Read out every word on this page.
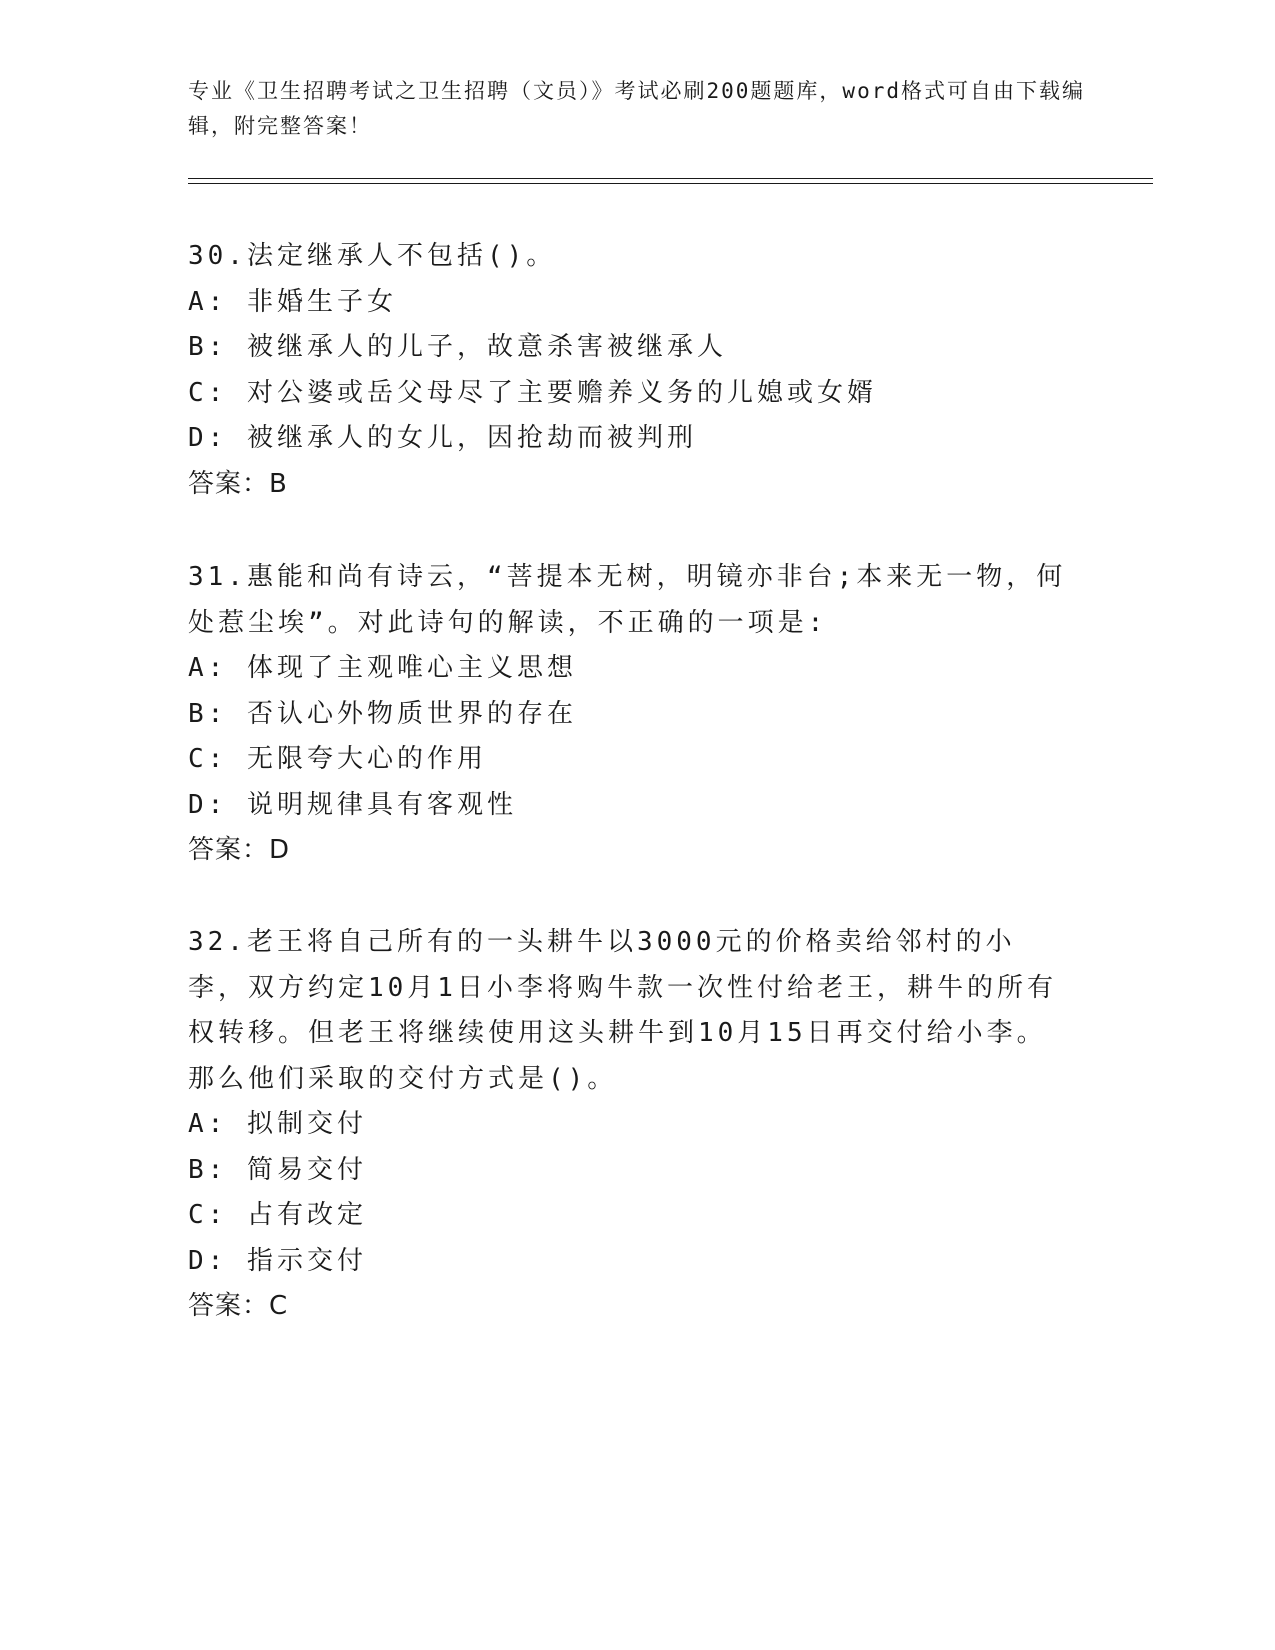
专业《卫生招聘考试之卫生招聘（文员）》考试必刷200题题库，word格式可自由下载编辑，附完整答案！
30.法定继承人不包括()。
A: 非婚生子女
B: 被继承人的儿子，故意杀害被继承人
C: 对公婆或岳父母尽了主要赡养义务的儿媳或女婿
D: 被继承人的女儿，因抢劫而被判刑
答案：B
31.惠能和尚有诗云，“菩提本无树，明镜亦非台;本来无一物，何处惹尘埃”。对此诗句的解读，不正确的一项是:
A: 体现了主观唯心主义思想
B: 否认心外物质世界的存在
C: 无限夸大心的作用
D: 说明规律具有客观性
答案：D
32.老王将自己所有的一头耕牛以3000元的价格卖给邻村的小李，双方约定10月1日小李将购牛款一次性付给老王，耕牛的所有权转移。但老王将继续使用这头耕牛到10月15日再交付给小李。那么他们采取的交付方式是()。
A: 拟制交付
B: 简易交付
C: 占有改定
D: 指示交付
答案：C
